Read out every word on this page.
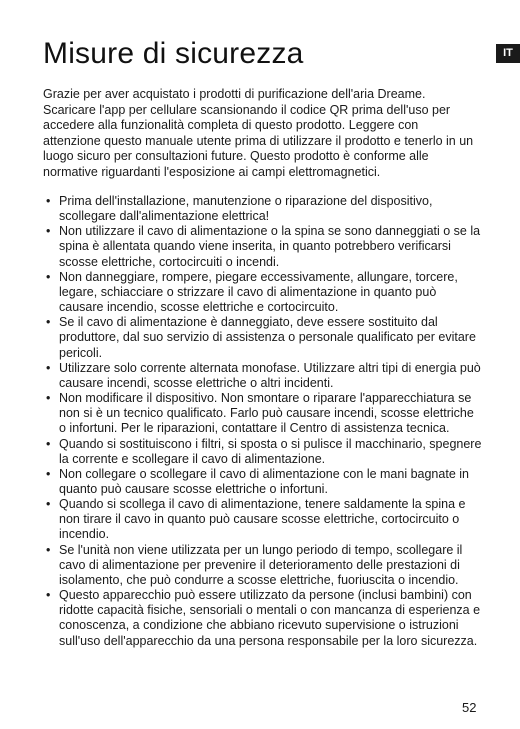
Misure di sicurezza	IT

Grazie per aver acquistato i prodotti di purificazione dell'aria Dreame. Scaricare l'app per cellulare scansionando il codice QR prima dell'uso per accedere alla funzionalità completa di questo prodotto. Leggere con attenzione questo manuale utente prima di utilizzare il prodotto e tenerlo in un luogo sicuro per consultazioni future. Questo prodotto è conforme alle normative riguardanti l'esposizione ai campi elettromagnetici.

• Prima dell'installazione, manutenzione o riparazione del dispositivo, scollegare dall'alimentazione elettrica!
• Non utilizzare il cavo di alimentazione o la spina se sono danneggiati o se la spina è allentata quando viene inserita, in quanto potrebbero verificarsi scosse elettriche, cortocircuiti o incendi.
• Non danneggiare, rompere, piegare eccessivamente, allungare, torcere, legare, schiacciare o strizzare il cavo di alimentazione in quanto può causare incendio, scosse elettriche e cortocircuito.
• Se il cavo di alimentazione è danneggiato, deve essere sostituito dal produttore, dal suo servizio di assistenza o personale qualificato per evitare pericoli.
• Utilizzare solo corrente alternata monofase. Utilizzare altri tipi di energia può causare incendi, scosse elettriche o altri incidenti.
• Non modificare il dispositivo. Non smontare o riparare l'apparecchiatura se non si è un tecnico qualificato. Farlo può causare incendi, scosse elettriche o infortuni. Per le riparazioni, contattare il Centro di assistenza tecnica.
• Quando si sostituiscono i filtri, si sposta o si pulisce il macchinario, spegnere la corrente e scollegare il cavo di alimentazione.
• Non collegare o scollegare il cavo di alimentazione con le mani bagnate in quanto può causare scosse elettriche o infortuni.
• Quando si scollega il cavo di alimentazione, tenere saldamente la spina e non tirare il cavo in quanto può causare scosse elettriche, cortocircuito o incendio.
• Se l'unità non viene utilizzata per un lungo periodo di tempo, scollegare il cavo di alimentazione per prevenire il deterioramento delle prestazioni di isolamento, che può condurre a scosse elettriche, fuoriuscita o incendio.
• Questo apparecchio può essere utilizzato da persone (inclusi bambini) con ridotte capacità fisiche, sensoriali o mentali o con mancanza di esperienza e conoscenza, a condizione che abbiano ricevuto supervisione o istruzioni sull'uso dell'apparecchio da una persona responsabile per la loro sicurezza.
52
